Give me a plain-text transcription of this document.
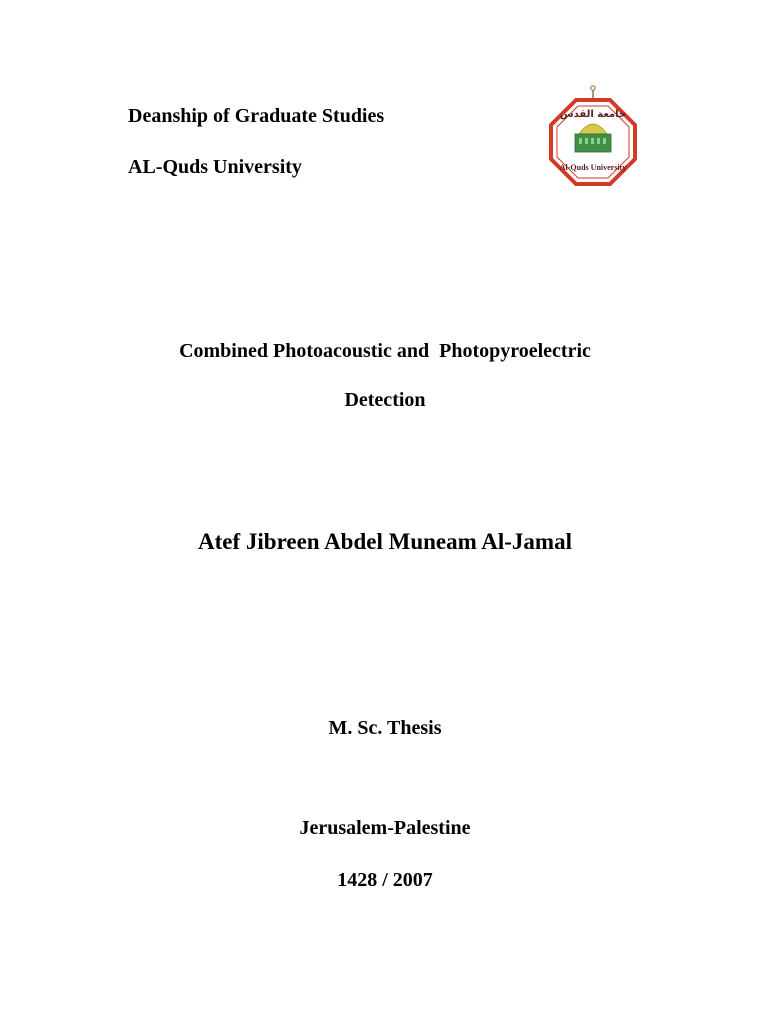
Deanship of Graduate Studies

AL-Quds University

جامعة القدس
Al-Quds University

Combined Photoacoustic and  Photopyroelectric

Detection

Atef Jibreen Abdel Muneam Al-Jamal

M. Sc. Thesis

Jerusalem-Palestine

1428 / 2007
